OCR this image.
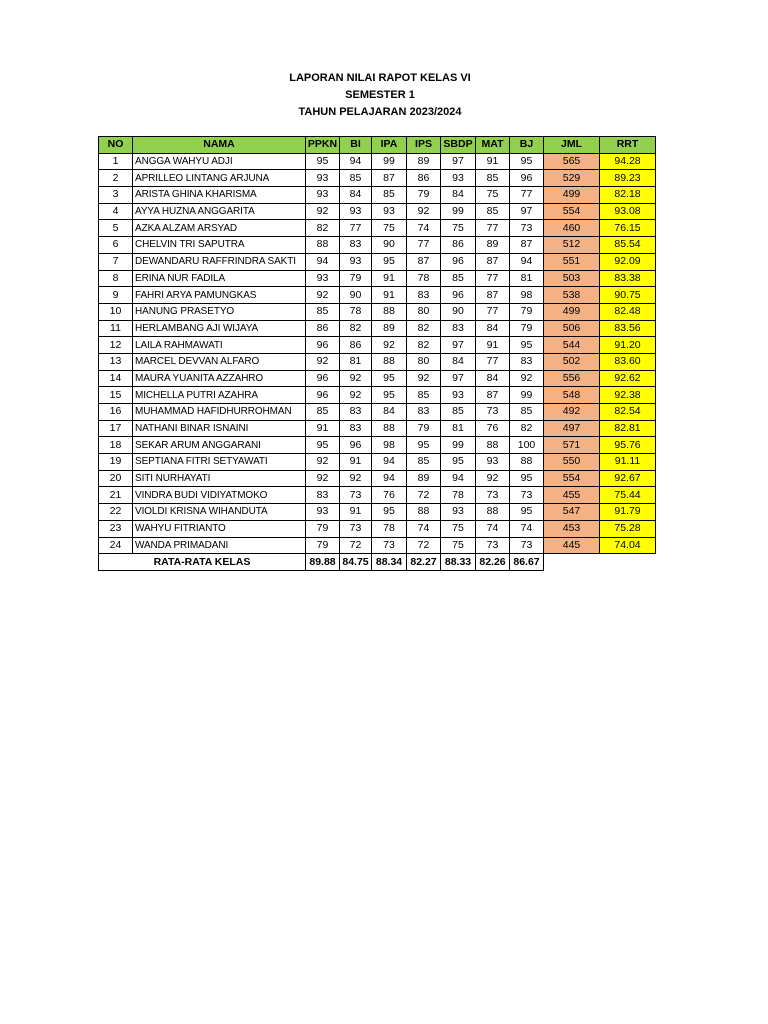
LAPORAN NILAI RAPOT KELAS VI
SEMESTER 1
TAHUN PELAJARAN 2023/2024
NO	NAMA	PPKN	BI	IPA	IPS	SBDP	MAT	BJ	JML	RRT
1	ANGGA WAHYU ADJI	95	94	99	89	97	91	95	565	94.28
2	APRILLEO LINTANG ARJUNA	93	85	87	86	93	85	96	529	89.23
3	ARISTA GHINA KHARISMA	93	84	85	79	84	75	77	499	82.18
4	AYYA HUZNA ANGGARITA	92	93	93	92	99	85	97	554	93.08
5	AZKA ALZAM ARSYAD	82	77	75	74	75	77	73	460	76.15
6	CHELVIN TRI SAPUTRA	88	83	90	77	86	89	87	512	85.54
7	DEWANDARU RAFFRINDRA SAKTI	94	93	95	87	96	87	94	551	92.09
8	ERINA NUR FADILA	93	79	91	78	85	77	81	503	83.38
9	FAHRI ARYA PAMUNGKAS	92	90	91	83	96	87	98	538	90.75
10	HANUNG PRASETYO	85	78	88	80	90	77	79	499	82.48
11	HERLAMBANG AJI WIJAYA	86	82	89	82	83	84	79	506	83.56
12	LAILA RAHMAWATI	96	86	92	82	97	91	95	544	91.20
13	MARCEL DEVVAN ALFARO	92	81	88	80	84	77	83	502	83.60
14	MAURA YUANITA AZZAHRO	96	92	95	92	97	84	92	556	92.62
15	MICHELLA PUTRI AZAHRA	96	92	95	85	93	87	99	548	92.38
16	MUHAMMAD HAFIDHURROHMAN	85	83	84	83	85	73	85	492	82.54
17	NATHANI BINAR ISNAINI	91	83	88	79	81	76	82	497	82.81
18	SEKAR ARUM ANGGARANI	95	96	98	95	99	88	100	571	95.76
19	SEPTIANA FITRI SETYAWATI	92	91	94	85	95	93	88	550	91.11
20	SITI NURHAYATI	92	92	94	89	94	92	95	554	92.67
21	VINDRA BUDI VIDIYATMOKO	83	73	76	72	78	73	73	455	75.44
22	VIOLDI KRISNA WIHANDUTA	93	91	95	88	93	88	95	547	91.79
23	WAHYU FITRIANTO	79	73	78	74	75	74	74	453	75.28
24	WANDA PRIMADANI	79	72	73	72	75	73	73	445	74.04
RATA-RATA KELAS		89.88	84.75	88.34	82.27	88.33	82.26	86.67		
